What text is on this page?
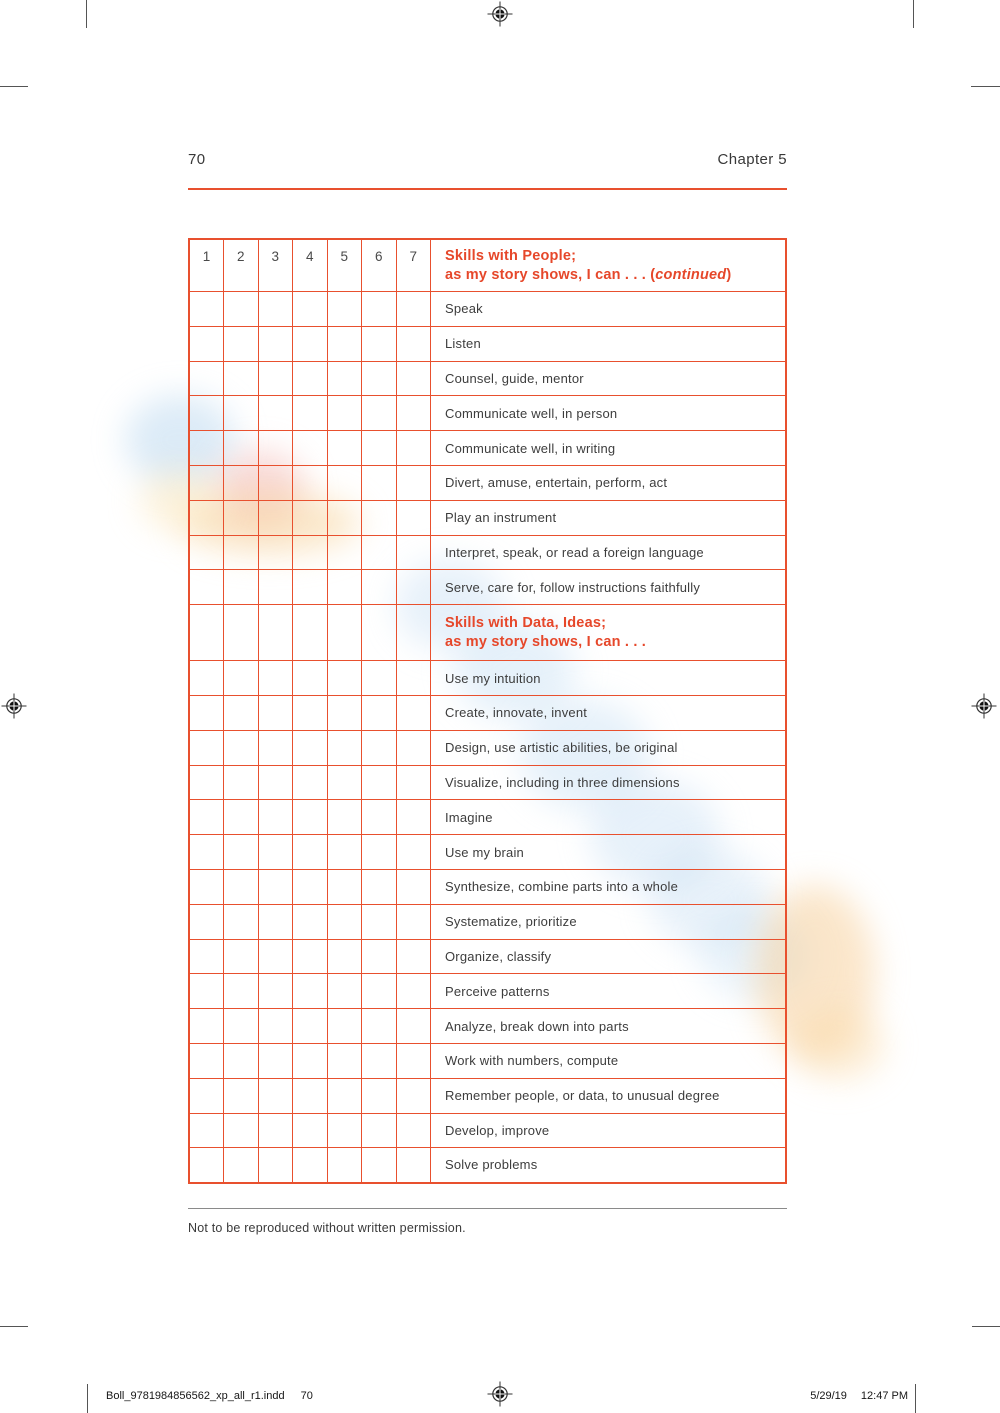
70	Chapter 5
1	2	3	4	5	6	7	Skills with People;
as my story shows, I can . . . (continued)

							Speak
							Listen
							Counsel, guide, mentor
							Communicate well, in person
							Communicate well, in writing
							Divert, amuse, entertain, perform, act
							Play an instrument
							Interpret, speak, or read a foreign language
							Serve, care for, follow instructions faithfully

							Skills with Data, Ideas;
as my story shows, I can . . .

							Use my intuition
							Create, innovate, invent
							Design, use artistic abilities, be original
							Visualize, including in three dimensions
							Imagine
							Use my brain
							Synthesize, combine parts into a whole
							Systematize, prioritize
							Organize, classify
							Perceive patterns
							Analyze, break down into parts
							Work with numbers, compute
							Remember people, or data, to unusual degree
							Develop, improve
							Solve problems
Not to be reproduced without written permission.
Boll_9781984856562_xp_all_r1.indd 70	5/29/19 12:47 PM
